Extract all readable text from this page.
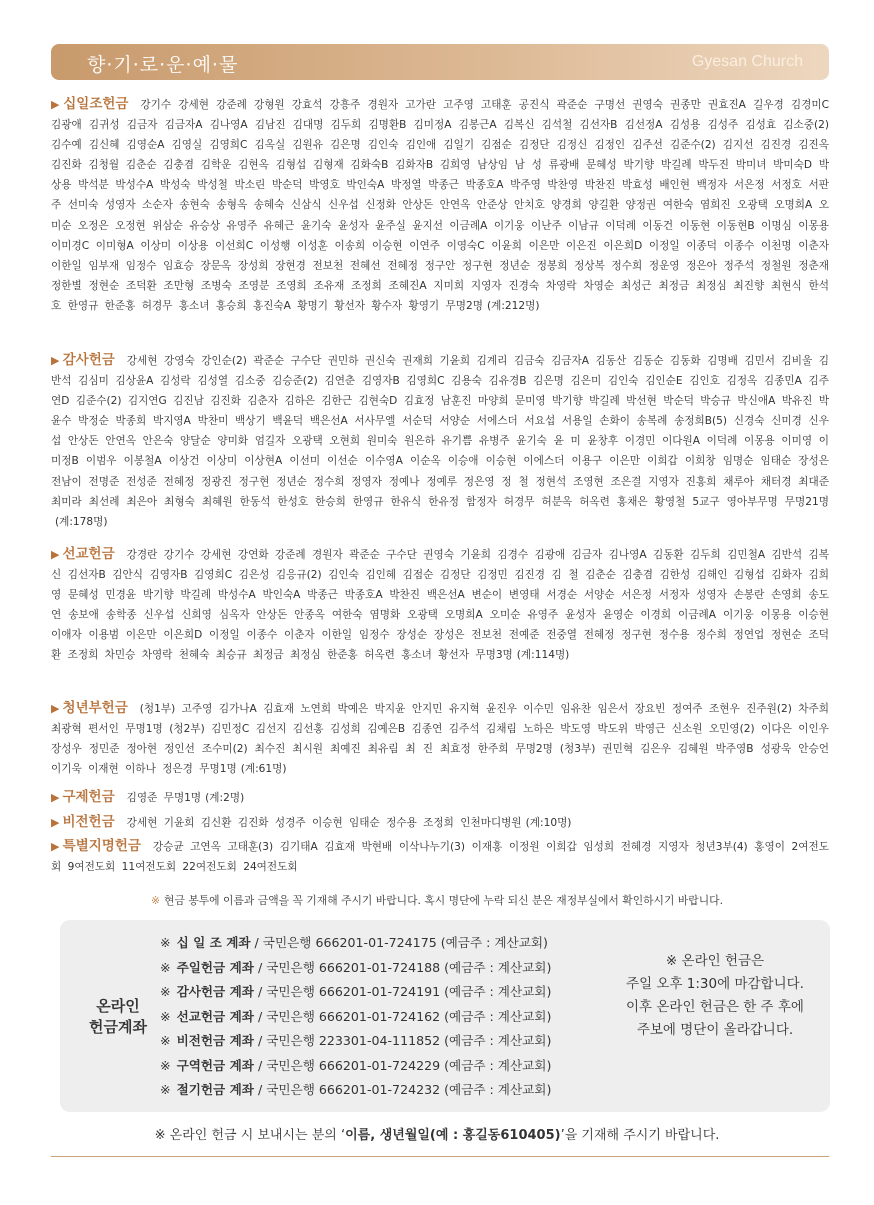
향·기·로·운·예·물	Gyesan Church
▶ 십일조헌금 강기수 강세현 강준례 강형원 강효석 강흥주 경원자 고가란 고주영 고태훈 공진식 곽준순 구명선 권영숙 권종만 권효진A 길우경 김경미C 김광애 김귀성 김금자 김금자A 김나영A 김남진 김대명 김두희 김명환B 김미정A 김봉근A 김복신 김석철 김선자B 김선정A 김성용 김성주 김성효 김소중(2) 김수예 김신혜 김영순A 김영실 김영희C 김옥실 김원유 김은명 김인숙 김인애 김일기 김점순 김정단 김정신 김정인 김주선 김준수(2) 김지선 김진경 김진옥 김진화 김청월 김춘순 김충겸 김학운 김현옥 김형섭 김형재 김화숙B 김화자B 김희영 남상임 남 성 류광배 문혜성 박기향 박길례 박두진 박미녀 박미숙D 박상용 박석분 박성수A 박성숙 박성철 박소린 박순덕 박영호 박인숙A 박정열 박종근 박종호A 박주영 박찬영 박찬진 박효성 배인현 백정자 서은정 서정호 서판주 선미숙 성영자 소순자 송현숙 송형옥 송혜숙 신삼식 신우섭 신정화 안상돈 안연옥 안준상 안치호 양경희 양길환 양정권 여한숙 염희진 오광택 오명희A 오미순 오정은 오정현 위삼순 유승상 유영주 유혜근 윤기숙 윤성자 윤주실 윤지선 이금례A 이기웅 이난주 이남규 이덕례 이동건 이동현 이동현B 이명심 이몽용 이미경C 이미형A 이상미 이상용 이선희C 이성행 이성훈 이송희 이승현 이연주 이영숙C 이윤희 이은만 이은진 이은희D 이정일 이종덕 이종수 이천명 이춘자 이한일 임부재 임정수 임효승 장문옥 장성희 장현경 전보천 전혜선 전혜정 정구안 정구현 정년순 정봉희 정상복 정수희 정운영 정은아 정주석 정철원 정춘재 정한별 정현순 조덕환 조만형 조병숙 조영분 조영희 조유재 조정희 조혜진A 지미희 지영자 진경숙 차영락 차영순 최성근 최정금 최정심 최진향 최현식 한석호 한영규 한준홍 허경무 홍소녀 홍승희 홍진숙A 황명기 황선자 황수자 황영기 무명2명 (계:212명)
▶ 감사헌금 강세현 강영숙 강인순(2) 곽준순 구수단 권민하 권신숙 권재희 기윤희 김계리 김금숙 김금자A 김동산 김동순 김동화 김명배 김민서 김비울 김반석 김심미 김상윤A 김성락 김성열 김소중 김승준(2) 김연춘 김영자B 김영희C 김용숙 김유경B 김은명 김은미 김인숙 김인순E 김인호 김정옥 김종민A 김주연D 김준수(2) 김지연G 김진남 김진화 김춘자 김하은 김한근 김현숙D 김효정 남훈진 마양희 문미영 박기향 박길례 박선현 박순덕 박승규 박신애A 박유진 박윤수 박정순 박종희 박지영A 박찬미 백상기 백윤덕 백은선A 서사무엘 서순덕 서양순 서에스더 서요섭 서용일 손화이 송복례 송정희B(5) 신경숙 신미경 신우섭 안상돈 안연옥 안은숙 양달순 양미화 엄길자 오광택 오현희 원미숙 원은하 유기쁨 유병주 윤기숙 윤 미 윤창후 이경민 이다원A 이덕례 이몽용 이미영 이미정B 이범우 이봉철A 이상건 이상미 이상현A 이선미 이선순 이수영A 이순옥 이승애 이승현 이에스더 이용구 이은만 이희갑 이희창 임명순 임태순 장성은 전남이 전명준 전성준 전혜정 정광진 정구현 정년순 정수희 정영자 정예나 정예루 정은영 정 철 정현석 조영현 조은결 지영자 진홍희 채루아 채터경 최대준 최미라 최선례 최은아 최형숙 최혜원 한동석 한성호 한승희 한영규 한유식 한유정 함정자 허경무 허분옥 허옥련 홍채은 황영철 5교구 영아부무명 무명21명(계:178명)
▶ 선교헌금 강경란 강기수 강세현 강연화 강준례 경원자 곽준순 구수단 권영숙 기윤희 김경수 김광애 김금자 김나영A 김동환 김두희 김민철A 김반석 김복신 김선자B 김안식 김영자B 김영희C 김은성 김응규(2) 김인숙 김인혜 김점순 김정단 김정민 김진경 김 철 김춘순 김충겸 김한성 김해인 김형섭 김화자 김희영 문혜성 민경윤 박기향 박길례 박성수A 박인숙A 박종근 박종호A 박찬진 백은선A 변순이 변영태 서경순 서양순 서은정 서정자 성영자 손봉란 손영희 송도연 송보애 송학종 신우섭 신희영 심옥자 안상돈 안종옥 여한숙 염명화 오광택 오명희A 오미순 유영주 윤성자 윤영순 이경희 이금례A 이기웅 이몽용 이승현 이애자 이용범 이은만 이은희D 이정일 이종수 이춘자 이한일 임정수 장성순 장성은 전보천 전예준 전중열 전혜정 정구현 정수용 정수희 정연업 정현순 조덕환 조정희 차민승 차영락 천혜숙 최승규 최정금 최정심 한준홍 허옥련 홍소녀 황선자 무명3명 (계:114명)
▶ 청년부헌금 (청1부) 고주영 김가나A 김효재 노연희 박예은 박지윤 안지민 유지혁 윤진우 이수민 임유찬 임은서 장요빈 정여주 조현우 진주원(2) 차주희 최광혁 편서인 무명1명 (청2부) 김민정C 김선지 김선홍 김성희 김예은B 김종연 김주석 김채림 노하은 박도영 박도위 박영근 신소원 오민영(2) 이다은 이인우 장성우 정민준 정아현 정인선 조수미(2) 최수진 최시원 최예진 최유림 최 진 최효정 한주희 무명2명 (청3부) 권민혁 김은우 김혜원 박주영B 성광욱 안승언 이기욱 이재현 이하나 정은경 무명1명 (계:61명)
▶ 구제헌금 김영준 무명1명 (계:2명)
▶ 비전헌금 강세현 기윤희 김신환 김진화 성경주 이승현 임태순 정수용 조정희 인천마디병원 (계:10명)
▶ 특별지명헌금 강승균 고연옥 고태훈(3) 김기태A 김효재 박현배 이삭나누기(3) 이재홍 이정원 이희갑 임성희 전혜경 지영자 청년3부(4) 홍영이 2여전도회 9여전도회 11여전도회 22여전도회 24여전도회
※ 현금 봉투에 이름과 금액을 꼭 기재해 주시기 바랍니다. 혹시 명단에 누락 되신 분은 재정부실에서 확인하시기 바랍니다.
온라인
헌금계좌
※ 십 일 조 계좌 / 국민은행 666201-01-724175 (예금주 : 계산교회)
※ 주일헌금 계좌 / 국민은행 666201-01-724188 (예금주 : 계산교회)
※ 감사헌금 계좌 / 국민은행 666201-01-724191 (예금주 : 계산교회)
※ 선교헌금 계좌 / 국민은행 666201-01-724162 (예금주 : 계산교회)
※ 비전헌금 계좌 / 국민은행 223301-04-111852 (예금주 : 계산교회)
※ 구역헌금 계좌 / 국민은행 666201-01-724229 (예금주 : 계산교회)
※ 절기헌금 계좌 / 국민은행 666201-01-724232 (예금주 : 계산교회)
※ 온라인 헌금은
주일 오후 1:30에 마감합니다.
이후 온라인 헌금은 한 주 후에
주보에 명단이 올라갑니다.
※ 온라인 헌금 시 보내시는 분의 ‘이름, 생년월일(예 : 홍길동610405)’을 기재해 주시기 바랍니다.
